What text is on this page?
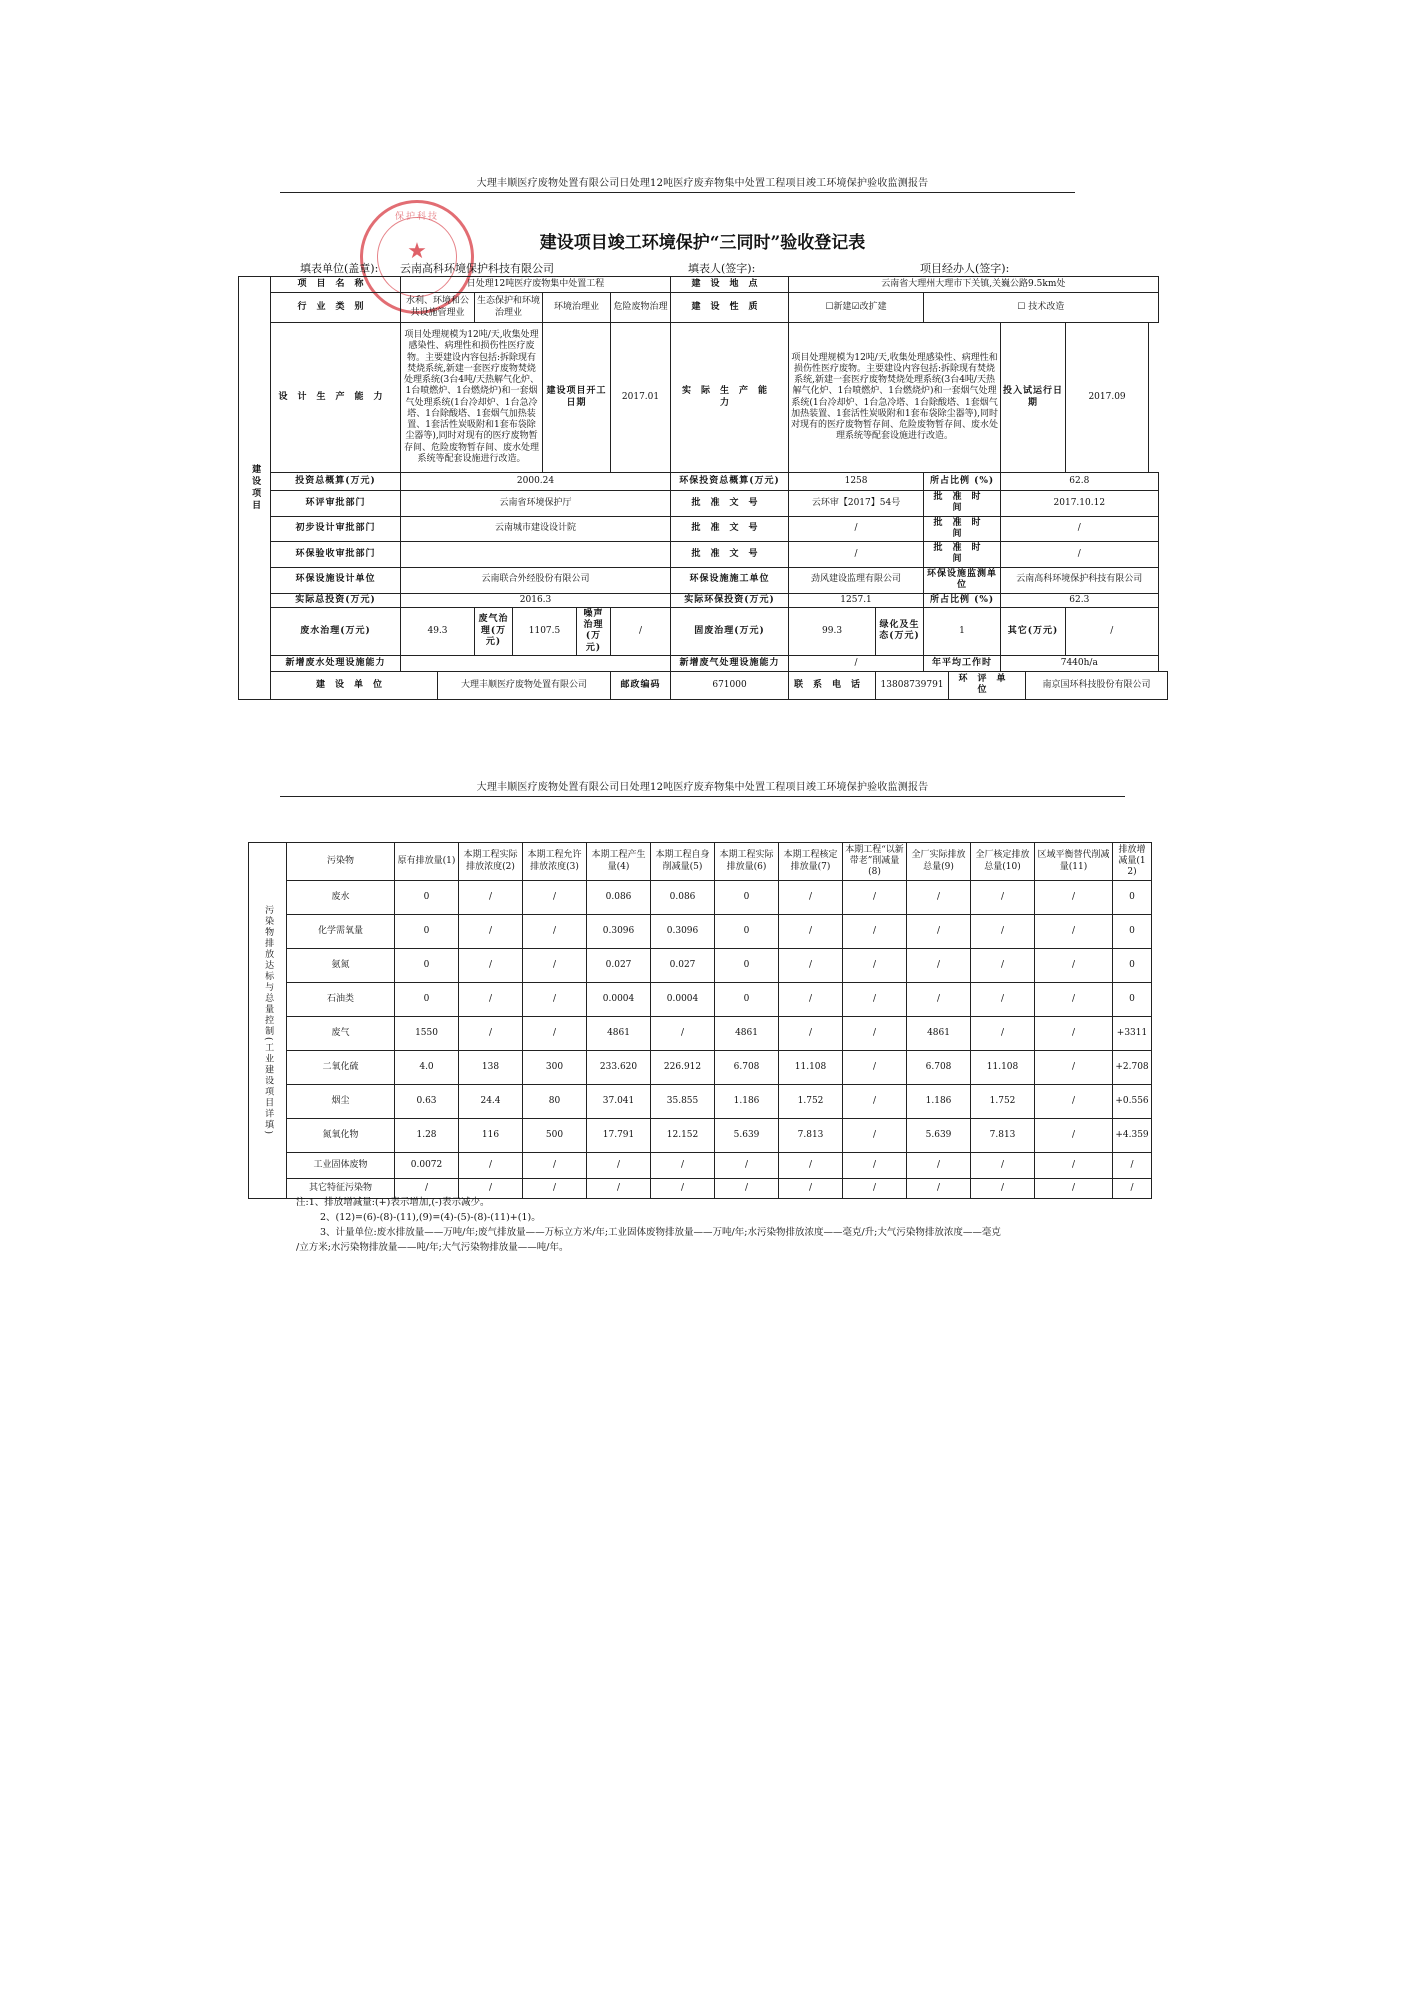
大理丰顺医疗废物处置有限公司日处理12吨医疗废弃物集中处置工程项目竣工环境保护验收监测报告
建设项目竣工环境保护“三同时”验收登记表
保护科技
★
填表单位(盖章): 云南高科环境保护科技有限公司	填表人(签字):	项目经办人(签字):
建设项目	项目名称	日处理12吨医疗废物集中处置工程							建设地点	云南省大理州大理市下关镇,关巍公路9.5km处						
	行业类别	水利、环境和公共设施管理业		生态保护和环境治理业		环境治理业		危险废物治理	建设性质	☐新建☑改扩建		☐ 技术改造				
	设计生产能力	项目处理规模为12吨/天,收集处理感染性、病理性和损伤性医疗废物。主要建设内容包括:拆除现有焚烧系统,新建一套医疗废物焚烧处理系统(3台4吨/天热解气化炉、1台喷燃炉、1台燃烧炉)和一套烟气处理系统(1台冷却炉、1台急冷塔、1台除酸塔、1套烟气加热装置、1套活性炭吸附和1套布袋除尘器等),同时对现有的医疗废物暂存间、危险废物暂存间、废水处理系统等配套设施进行改造。				建设项目开工日期		2017.01	实际生产能力	项目处理规模为12吨/天,收集处理感染性、病理性和损伤性医疗废物。主要建设内容包括:拆除现有焚烧系统,新建一套医疗废物焚烧处理系统(3台4吨/天热解气化炉、1台喷燃炉、1台燃烧炉)和一套烟气处理系统(1台冷却炉、1台急冷塔、1台除酸塔、1套烟气加热装置、1套活性炭吸附和1套布袋除尘器等),同时对现有的医疗废物暂存间、危险废物暂存间、废水处理系统等配套设施进行改造。				投入试运行日期		2017.09
	投资总概算(万元)	2000.24							环保投资总概算(万元)	1258		所占比例 (%)		62.8		
	环评审批部门	云南省环境保护厅							批准文号	云环审【2017】54号		批准时间		2017.10.12		
	初步设计审批部门	云南城市建设设计院							批准文号	/		批准时间		/		
	环保验收审批部门								批准文号	/		批准时间		/		
	环保设施设计单位	云南联合外经股份有限公司							环保设施施工单位	劲风建设监理有限公司		环保设施监测单位		云南高科环境保护科技有限公司		
	实际总投资(万元)	2016.3							实际环保投资(万元)	1257.1		所占比例 (%)		62.3		
	废水治理(万元)	49.3		废气治理(万元)	1107.5		噪声治理(万元)	/	固废治理(万元)	99.3	绿化及生态(万元)	1		其它(万元)		/
	新增废水处理设施能力								新增废气处理设施能力	/		年平均工作时		7440h/a		
	建设单位		大理丰顺医疗废物处置有限公司					邮政编码	671000	联系电话	13808739791		环评单位		南京国环科技股份有限公司	
大理丰顺医疗废物处置有限公司日处理12吨医疗废弃物集中处置工程项目竣工环境保护验收监测报告
污染物排放达标与总量控制(工业建设项目详填)	污染物	原有排放量(1)	本期工程实际排放浓度(2)	本期工程允许排放浓度(3)	本期工程产生量(4)	本期工程自身削减量(5)	本期工程实际排放量(6)	本期工程核定排放量(7)	本期工程“以新带老”削减量(8)	全厂实际排放总量(9)	全厂核定排放总量(10)	区域平衡替代削减量(11)	排放增减量(12)
	废水	0	/	/	0.086	0.086	0	/	/	/	/	/	0
	化学需氧量	0	/	/	0.3096	0.3096	0	/	/	/	/	/	0
	氨氮	0	/	/	0.027	0.027	0	/	/	/	/	/	0
	石油类	0	/	/	0.0004	0.0004	0	/	/	/	/	/	0
	废气	1550	/	/	4861	/	4861	/	/	4861	/	/	+3311
	二氧化硫	4.0	138	300	233.620	226.912	6.708	11.108	/	6.708	11.108	/	+2.708
	烟尘	0.63	24.4	80	37.041	35.855	1.186	1.752	/	1.186	1.752	/	+0.556
	氮氧化物	1.28	116	500	17.791	12.152	5.639	7.813	/	5.639	7.813	/	+4.359
	工业固体废物	0.0072	/	/	/	/	/	/	/	/	/	/	/
	其它特征污染物	/	/	/	/	/	/	/	/	/	/	/	/
注:1、排放增减量:(+)表示增加,(-)表示减少。
2、(12)=(6)-(8)-(11),(9)=(4)-(5)-(8)-(11)+(1)。
3、计量单位:废水排放量——万吨/年;废气排放量——万标立方米/年;工业固体废物排放量——万吨/年;水污染物排放浓度——毫克/升;大气污染物排放浓度——毫克
/立方米;水污染物排放量——吨/年;大气污染物排放量——吨/年。
